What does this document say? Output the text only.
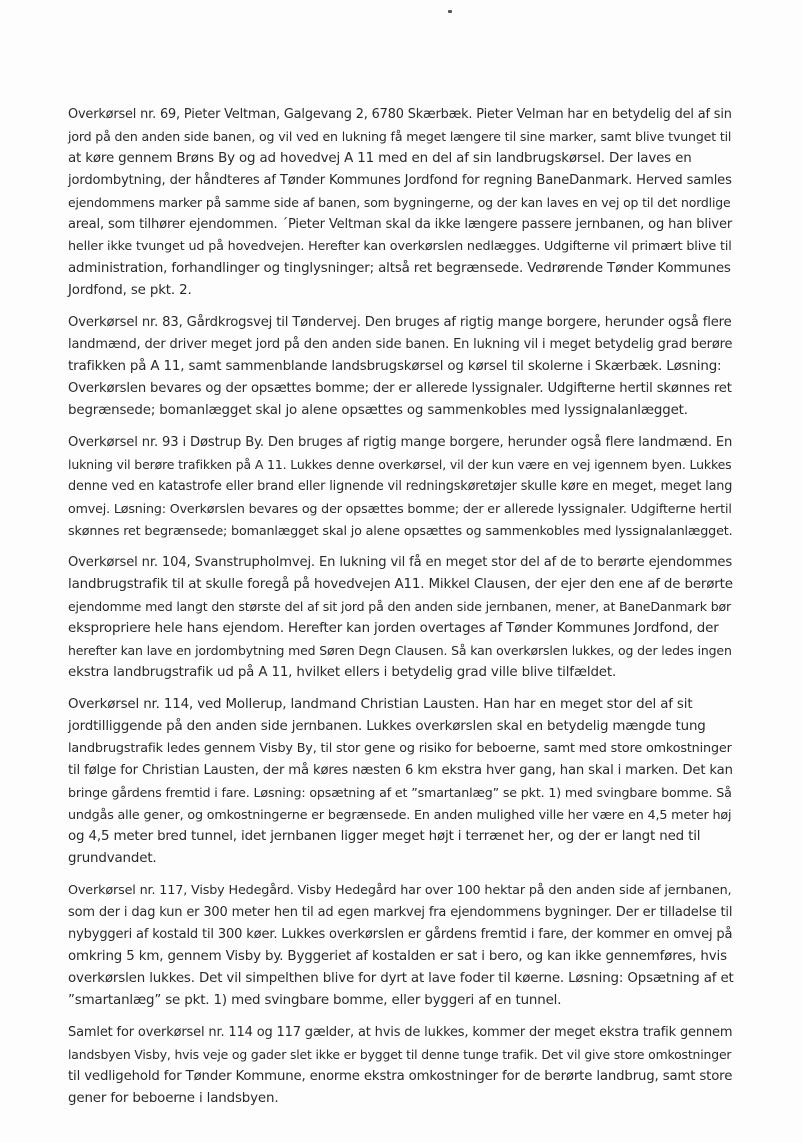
Overkørsel nr. 69, Pieter Veltman, Galgevang 2, 6780 Skærbæk. Pieter Velman har en betydelig del af sin
jord på den anden side banen, og vil ved en lukning få meget længere til sine marker, samt blive tvunget til
at køre gennem Brøns By og ad hovedvej A 11 med en del af sin landbrugskørsel. Der laves en
jordombytning, der håndteres af Tønder Kommunes Jordfond for regning BaneDanmark. Herved samles
ejendommens marker på samme side af banen, som bygningerne, og der kan laves en vej op til det nordlige
areal, som tilhører ejendommen. ´Pieter Veltman skal da ikke længere passere jernbanen, og han bliver
heller ikke tvunget ud på hovedvejen. Herefter kan overkørslen nedlægges. Udgifterne vil primært blive til
administration, forhandlinger og tinglysninger; altså ret begrænsede. Vedrørende Tønder Kommunes
Jordfond, se pkt. 2.

Overkørsel nr. 83, Gårdkrogsvej til Tøndervej. Den bruges af rigtig mange borgere, herunder også flere
landmænd, der driver meget jord på den anden side banen. En lukning vil i meget betydelig grad berøre
trafikken på A 11, samt sammenblande landsbrugskørsel og kørsel til skolerne i Skærbæk. Løsning:
Overkørslen bevares og der opsættes bomme; der er allerede lyssignaler. Udgifterne hertil skønnes ret
begrænsede; bomanlægget skal jo alene opsættes og sammenkobles med lyssignalanlægget.

Overkørsel nr. 93 i Døstrup By. Den bruges af rigtig mange borgere, herunder også flere landmænd. En
lukning vil berøre trafikken på A 11. Lukkes denne overkørsel, vil der kun være en vej igennem byen. Lukkes
denne ved en katastrofe eller brand eller lignende vil redningskøretøjer skulle køre en meget, meget lang
omvej. Løsning: Overkørslen bevares og der opsættes bomme; der er allerede lyssignaler. Udgifterne hertil
skønnes ret begrænsede; bomanlægget skal jo alene opsættes og sammenkobles med lyssignalanlægget.

Overkørsel nr. 104, Svanstrupholmvej. En lukning vil få en meget stor del af de to berørte ejendommes
landbrugstrafik til at skulle foregå på hovedvejen A11. Mikkel Clausen, der ejer den ene af de berørte
ejendomme med langt den største del af sit jord på den anden side jernbanen, mener, at BaneDanmark bør
ekspropriere hele hans ejendom. Herefter kan jorden overtages af Tønder Kommunes Jordfond, der
herefter kan lave en jordombytning med Søren Degn Clausen. Så kan overkørslen lukkes, og der ledes ingen
ekstra landbrugstrafik ud på A 11, hvilket ellers i betydelig grad ville blive tilfældet.

Overkørsel nr. 114, ved Mollerup, landmand Christian Lausten. Han har en meget stor del af sit
jordtilliggende på den anden side jernbanen. Lukkes overkørslen skal en betydelig mængde tung
landbrugstrafik ledes gennem Visby By, til stor gene og risiko for beboerne, samt med store omkostninger
til følge for Christian Lausten, der må køres næsten 6 km ekstra hver gang, han skal i marken. Det kan
bringe gårdens fremtid i fare. Løsning: opsætning af et ”smartanlæg” se pkt. 1) med svingbare bomme. Så
undgås alle gener, og omkostningerne er begrænsede. En anden mulighed ville her være en 4,5 meter høj
og 4,5 meter bred tunnel, idet jernbanen ligger meget højt i terrænet her, og der er langt ned til
grundvandet.

Overkørsel nr. 117, Visby Hedegård. Visby Hedegård har over 100 hektar på den anden side af jernbanen,
som der i dag kun er 300 meter hen til ad egen markvej fra ejendommens bygninger. Der er tilladelse til
nybyggeri af kostald til 300 køer. Lukkes overkørslen er gårdens fremtid i fare, der kommer en omvej på
omkring 5 km, gennem Visby by. Byggeriet af kostalden er sat i bero, og kan ikke gennemføres, hvis
overkørslen lukkes. Det vil simpelthen blive for dyrt at lave foder til køerne. Løsning: Opsætning af et
”smartanlæg” se pkt. 1) med svingbare bomme, eller byggeri af en tunnel.

Samlet for overkørsel nr. 114 og 117 gælder, at hvis de lukkes, kommer der meget ekstra trafik gennem
landsbyen Visby, hvis veje og gader slet ikke er bygget til denne tunge trafik. Det vil give store omkostninger
til vedligehold for Tønder Kommune, enorme ekstra omkostninger for de berørte landbrug, samt store
gener for beboerne i landsbyen.
